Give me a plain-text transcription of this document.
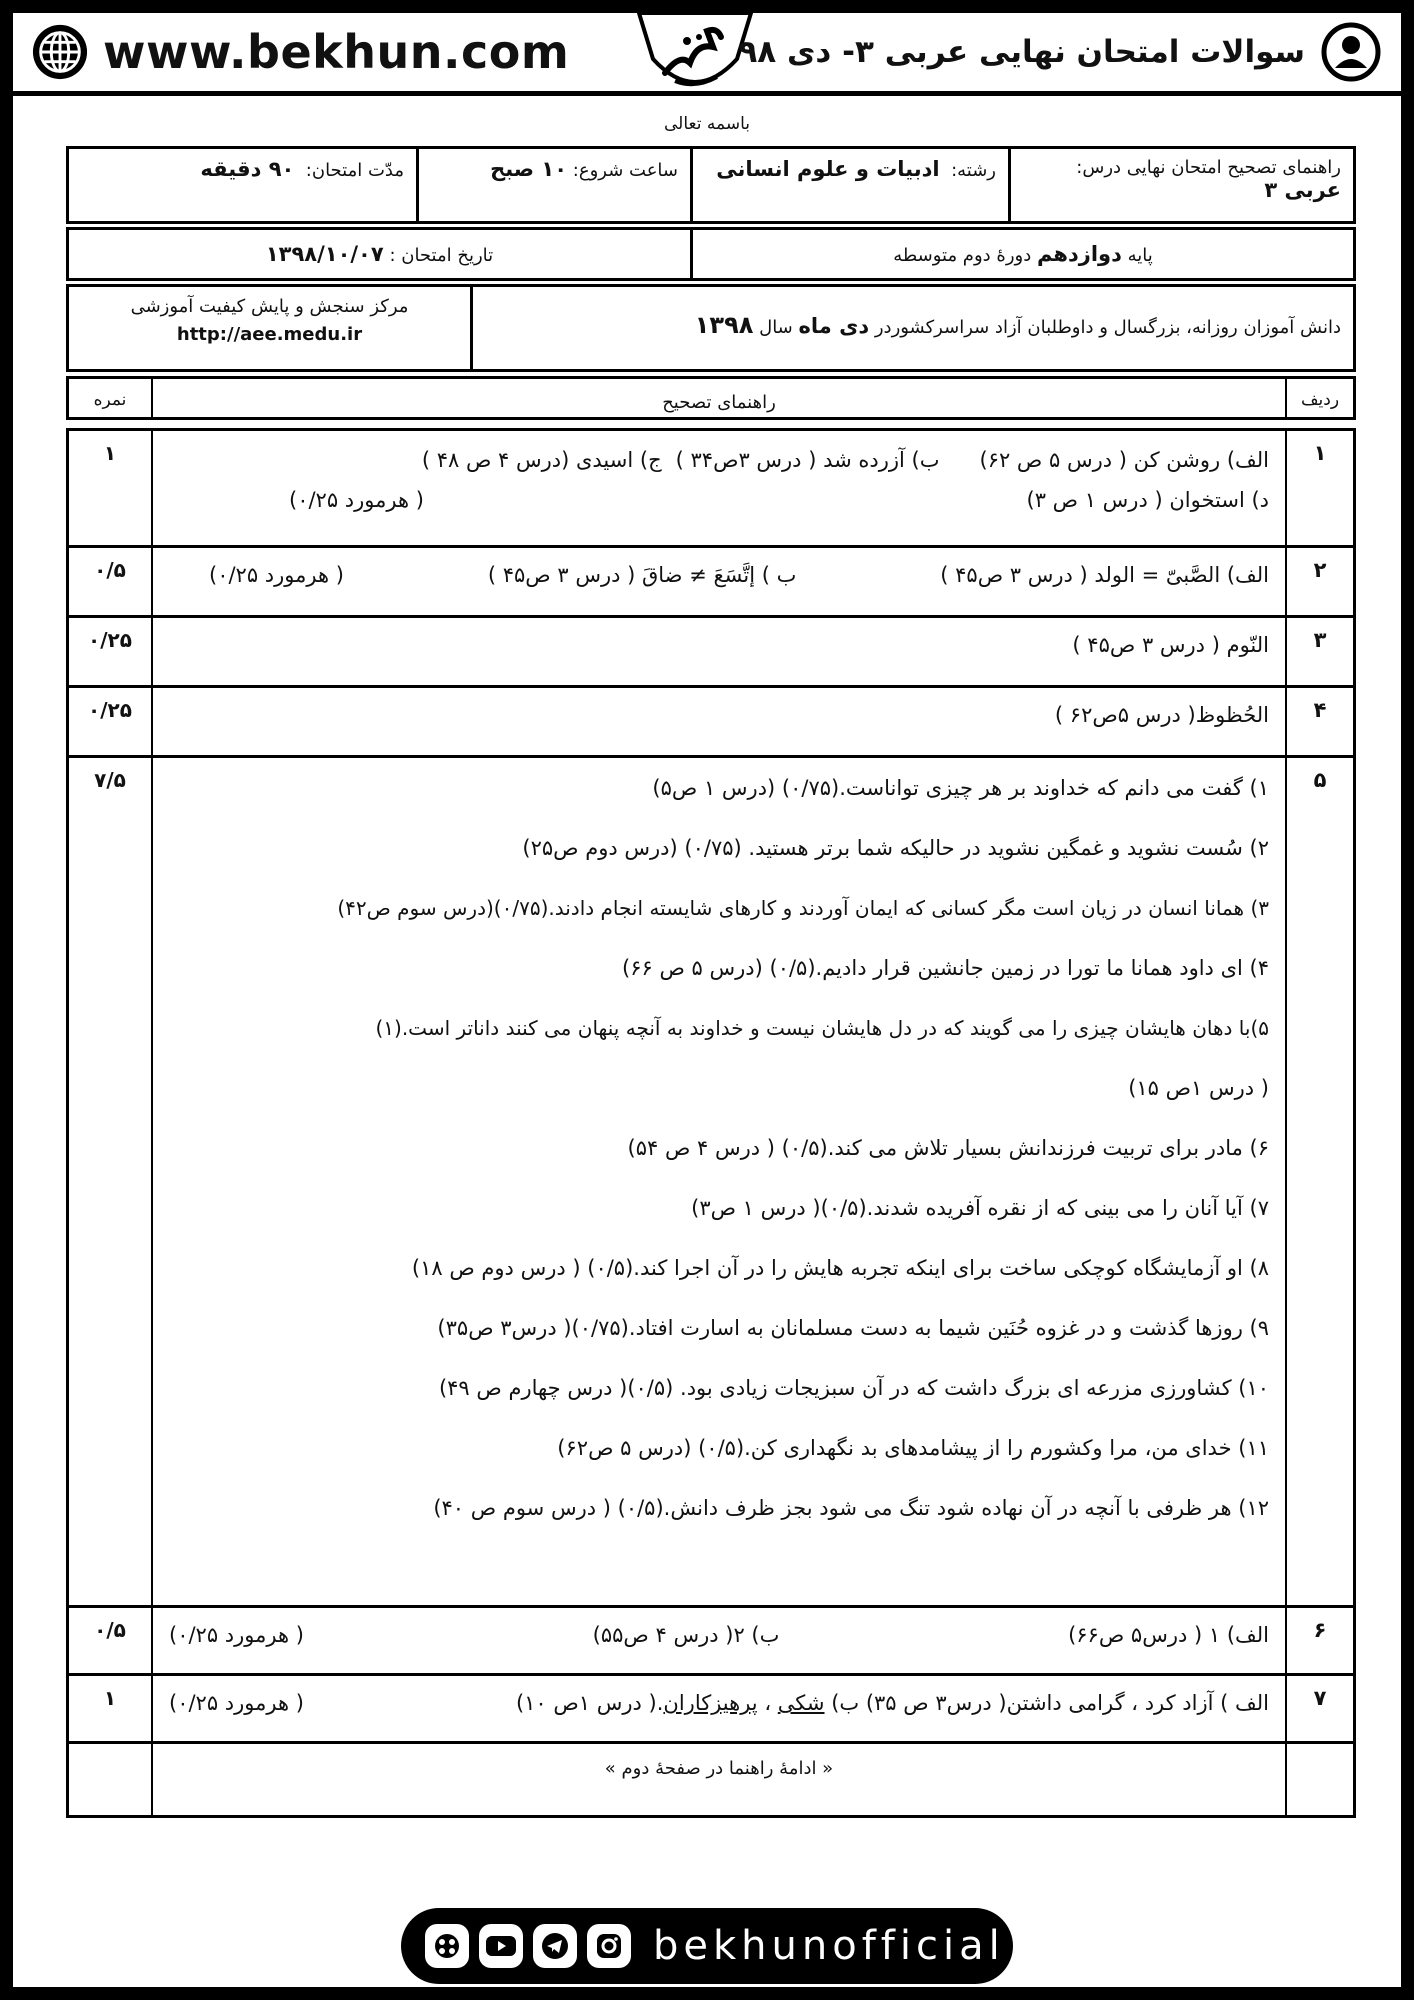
www.bekhun.com	سوالات امتحان نهایی عربی ۳- دی ۹۸
باسمه تعالی
راهنمای تصحیح امتحان نهایی درس: عربی ۳
رشته:  ادبیات و علوم انسانی
ساعت شروع: ۱۰ صبح
مدّت امتحان:  ۹۰ دقیقه
پایه دوازدهم دورۀ دوم متوسطه
تاریخ امتحان : ۱۳۹۸/۱۰/۰۷
دانش آموزان روزانه، بزرگسال و داوطلبان آزاد سراسرکشوردر دی ماه سال ۱۳۹۸
مرکز سنجش و پایش کیفیت آموزشی
http://aee.medu.ir
ردیف
راهنمای تصحیح
نمره
۱
الف) روشن کن ( درس ۵ ص ۶۲)
ب) آزرده شد ( درس ۳ص۳۴ )
ج) اسیدی (درس ۴ ص ۴۸ )
د) استخوان ( درس ۱ ص ۳)
( هرمورد ۰/۲۵)
۱
۲
الف) الصَّبیّ = الولد ( درس ۳ ص۴۵ )
ب ) إتَّسَعَ ≠ ضاقَ ( درس ۳ ص۴۵ )
( هرمورد ۰/۲۵)
۰/۵
۳
النّوم ( درس ۳ ص۴۵ )
۰/۲۵
۴
الحُظوظ( درس ۵ص۶۲ )
۰/۲۵
۵
۱) گفت می دانم که خداوند بر هر چیزی تواناست.(۰/۷۵) (درس ۱ ص۵)
۲) سُست نشوید و غمگین نشوید در حالیکه شما برتر هستید. (۰/۷۵) (درس دوم ص۲۵)
۳) همانا انسان در زیان است مگر کسانی که ایمان آوردند و کارهای شایسته انجام دادند.(۰/۷۵)(درس سوم ص۴۲)
۴) ای داود همانا ما تورا در زمین جانشین قرار دادیم.(۰/۵) (درس ۵ ص ۶۶)
۵)با دهان هایشان چیزی را می گویند که در دل هایشان نیست و خداوند به آنچه پنهان می کنند داناتر است.(۱)
( درس ۱ص ۱۵)
۶) مادر برای تربیت فرزندانش بسیار تلاش می کند.(۰/۵) ( درس ۴ ص ۵۴)
۷) آیا آنان را می بینی که از نقره آفریده شدند.(۰/۵)( درس ۱ ص۳)
۸) او آزمایشگاه کوچکی ساخت برای اینکه تجربه هایش را در آن اجرا کند.(۰/۵) ( درس دوم ص ۱۸)
۹) روزها گذشت و در غزوه حُنَین شیما به دست مسلمانان به اسارت افتاد.(۰/۷۵)( درس۳ ص۳۵)
۱۰) کشاورزی مزرعه ای بزرگ داشت که در آن سبزیجات زیادی بود. (۰/۵)( درس چهارم ص ۴۹)
۱۱) خدای من، مرا وکشورم را از پیشامدهای بد نگهداری کن.(۰/۵) (درس ۵ ص۶۲)
۱۲) هر ظرفی با آنچه در آن نهاده شود تنگ می شود بجز ظرف دانش.(۰/۵) ( درس سوم ص ۴۰)
۷/۵
۶
الف) ۱ ( درس۵ ص۶۶)
ب) ۲( درس ۴ ص۵۵)
( هرمورد ۰/۲۵)
۰/۵
۷
الف ) آزاد کرد ، گرامی داشتن( درس۳ ص ۳۵) ب) شکی ، پرهیزکاران.( درس ۱ص ۱۰)
( هرمورد ۰/۲۵)
۱
« ادامۀ راهنما در صفحۀ دوم »
bekhunofficial
